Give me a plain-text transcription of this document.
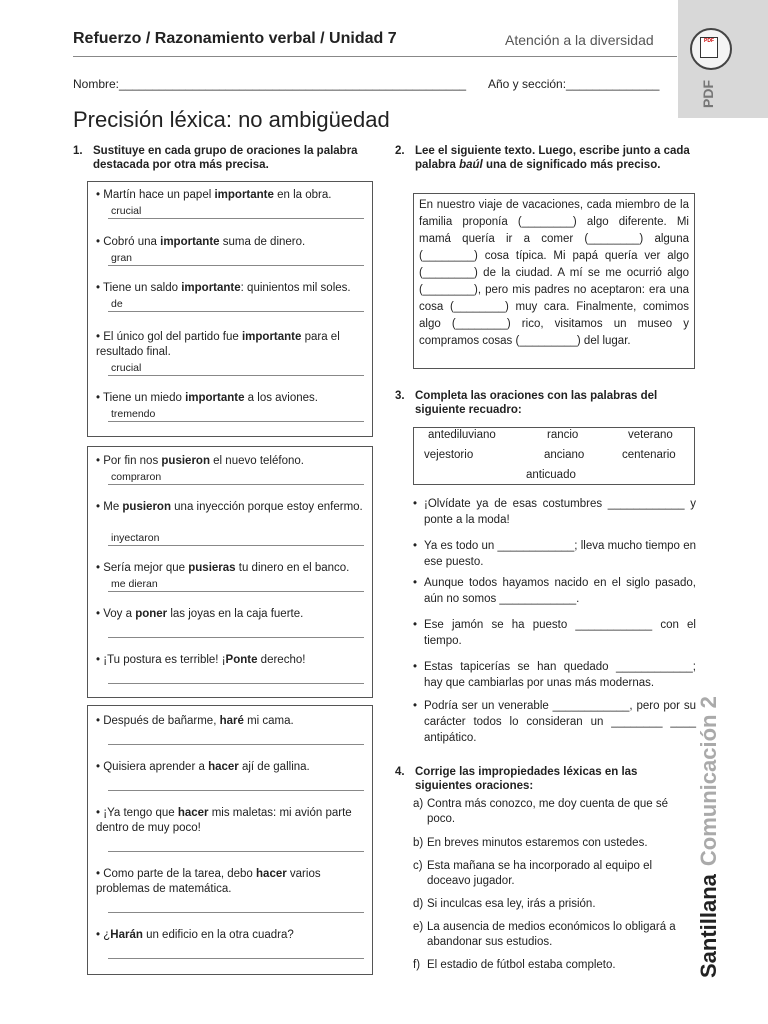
Refuerzo / Razonamiento verbal / Unidad 7	Atención a la diversidad	PDF
PDF
SantillanaComunicación 2
Nombre:____________________________________________________ Año y sección:______________
Precisión léxica: no ambigüedad
1. Sustituye en cada grupo de oraciones la palabra destacada por otra más precisa.
• Martín hace un papel importante en la obra.
crucial
• Cobró una importante suma de dinero.
gran
• Tiene un saldo importante: quinientos mil soles.
de
• El único gol del partido fue importante para el resultado final.
crucial
• Tiene un miedo importante a los aviones.
tremendo
• Por fin nos pusieron el nuevo teléfono.
compraron
• Me pusieron una inyección porque estoy enfermo.
inyectaron
• Sería mejor que pusieras tu dinero en el banco.
me dieran
• Voy a poner las joyas en la caja fuerte.
• ¡Tu postura es terrible! ¡Ponte derecho!
• Después de bañarme, haré mi cama.
• Quisiera aprender a hacer ají de gallina.
• ¡Ya tengo que hacer mis maletas: mi avión parte dentro de muy poco!
• Como parte de la tarea, debo hacer varios problemas de matemática.
• ¿Harán un edificio en la otra cuadra?
2. Lee el siguiente texto. Luego, escribe junto a cada palabra baúl una de significado más preciso.
En nuestro viaje de vacaciones, cada miembro de la familia proponía (________) algo diferente. Mi mamá quería ir a comer (________) alguna (________) cosa típica. Mi papá quería ver algo (________) de la ciudad. A mí se me ocurrió algo (________), pero mis padres no aceptaron: era una cosa (________) muy cara. Finalmente, comimos algo (________) rico, visitamos un museo y compramos cosas (_________) del lugar.
3. Completa las oraciones con las palabras del siguiente recuadro:
antediluviano	rancio	veterano
vejestorio	anciano	centenario
anticuado
• ¡Olvídate ya de esas costumbres ____________ y ponte a la moda!
• Ya es todo un ____________; lleva mucho tiempo en ese puesto.
• Aunque todos hayamos nacido en el siglo pasado, aún no somos ____________.
• Ese jamón se ha puesto ____________ con el tiempo.
• Estas tapicerías se han quedado ____________; hay que cambiarlas por unas más modernas.
• Podría ser un venerable ____________, pero por su carácter todos lo consideran un ________ ____ antipático.
4. Corrige las impropiedades léxicas en las siguientes oraciones:
a) Contra más conozco, me doy cuenta de que sé poco.
b) En breves minutos estaremos con ustedes.
c) Esta mañana se ha incorporado al equipo el doceavo jugador.
d) Si inculcas esa ley, irás a prisión.
e) La ausencia de medios económicos lo obligará a abandonar sus estudios.
f) El estadio de fútbol estaba completo.
